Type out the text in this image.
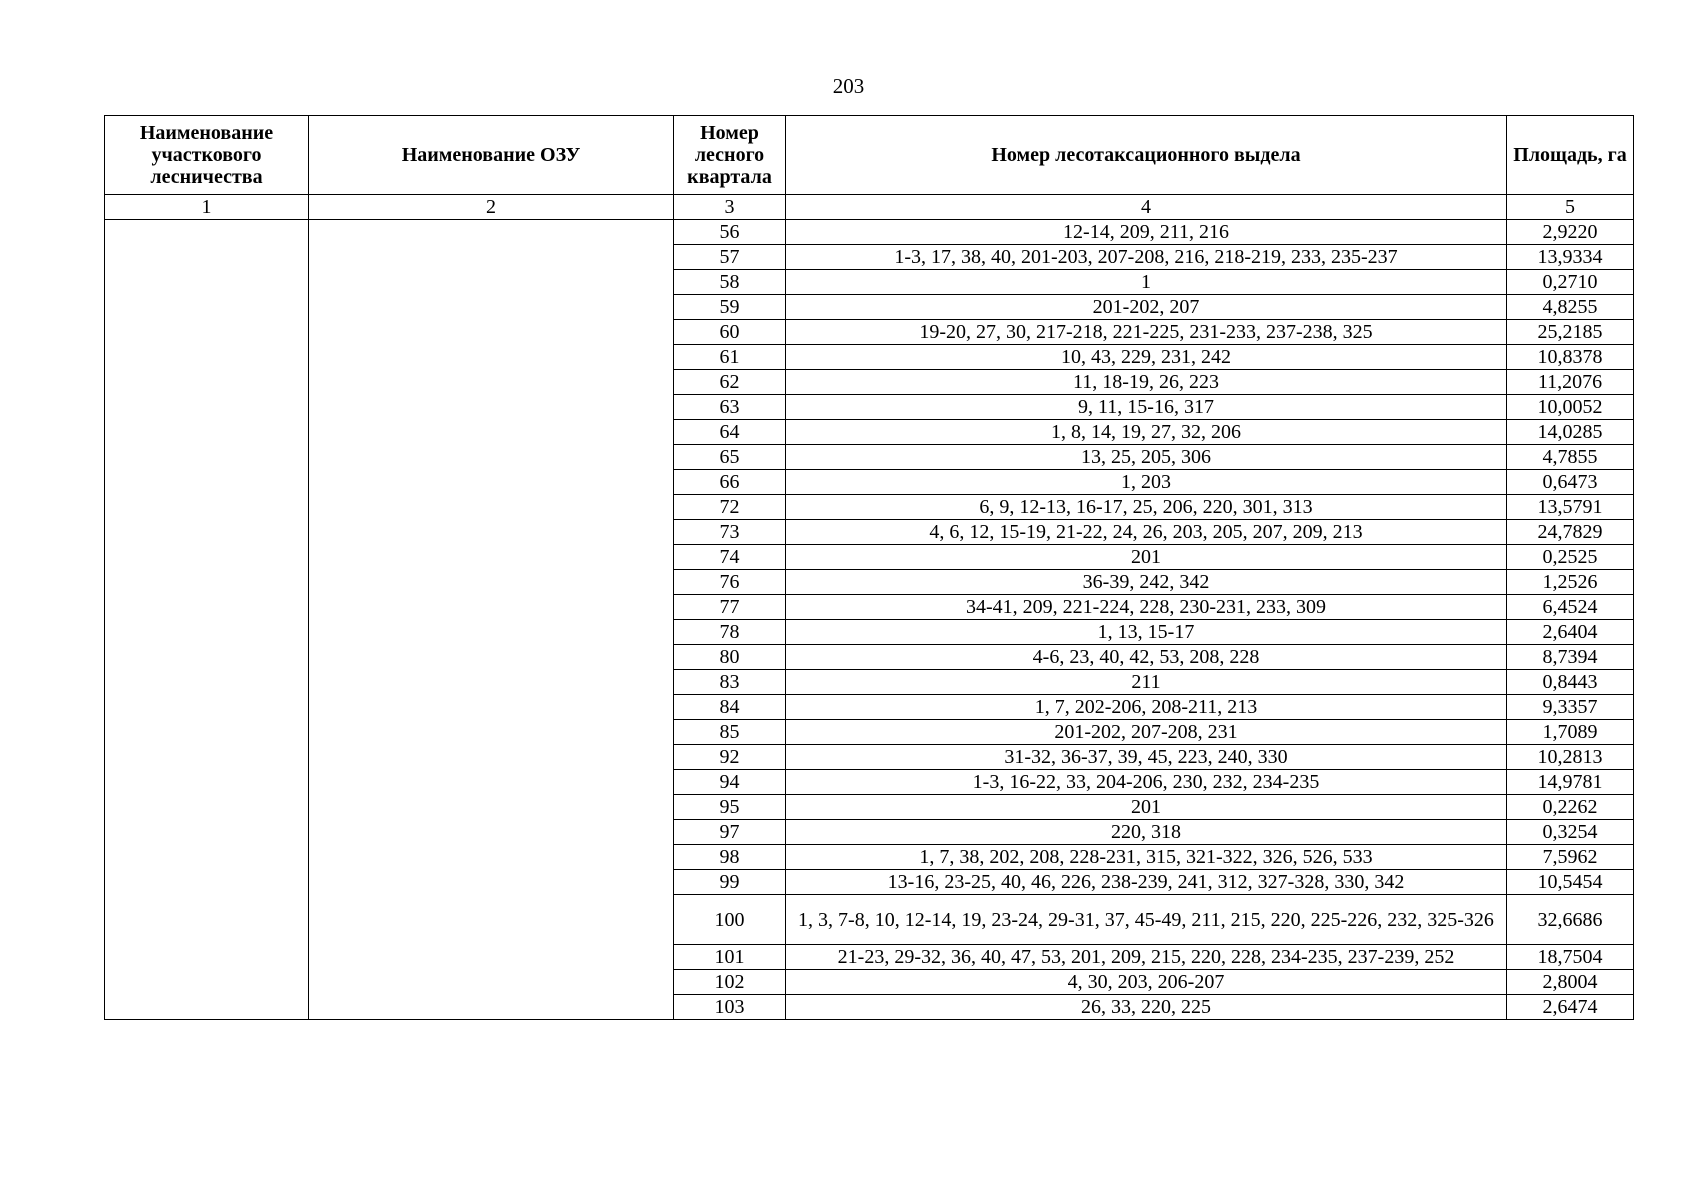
203
Наименование участкового лесничества	Наименование ОЗУ	Номер лесного квартала	Номер лесотаксационного выдела	Площадь, га
1	2	3	4	5
		56	12-14, 209, 211, 216	2,9220
		57	1-3, 17, 38, 40, 201-203, 207-208, 216, 218-219, 233, 235-237	13,9334
		58	1	0,2710
		59	201-202, 207	4,8255
		60	19-20, 27, 30, 217-218, 221-225, 231-233, 237-238, 325	25,2185
		61	10, 43, 229, 231, 242	10,8378
		62	11, 18-19, 26, 223	11,2076
		63	9, 11, 15-16, 317	10,0052
		64	1, 8, 14, 19, 27, 32, 206	14,0285
		65	13, 25, 205, 306	4,7855
		66	1, 203	0,6473
		72	6, 9, 12-13, 16-17, 25, 206, 220, 301, 313	13,5791
		73	4, 6, 12, 15-19, 21-22, 24, 26, 203, 205, 207, 209, 213	24,7829
		74	201	0,2525
		76	36-39, 242, 342	1,2526
		77	34-41, 209, 221-224, 228, 230-231, 233, 309	6,4524
		78	1, 13, 15-17	2,6404
		80	4-6, 23, 40, 42, 53, 208, 228	8,7394
		83	211	0,8443
		84	1, 7, 202-206, 208-211, 213	9,3357
		85	201-202, 207-208, 231	1,7089
		92	31-32, 36-37, 39, 45, 223, 240, 330	10,2813
		94	1-3, 16-22, 33, 204-206, 230, 232, 234-235	14,9781
		95	201	0,2262
		97	220, 318	0,3254
		98	1, 7, 38, 202, 208, 228-231, 315, 321-322, 326, 526, 533	7,5962
		99	13-16, 23-25, 40, 46, 226, 238-239, 241, 312, 327-328, 330, 342	10,5454
		100	1, 3, 7-8, 10, 12-14, 19, 23-24, 29-31, 37, 45-49, 211, 215, 220, 225-226, 232, 325-326	32,6686
		101	21-23, 29-32, 36, 40, 47, 53, 201, 209, 215, 220, 228, 234-235, 237-239, 252	18,7504
		102	4, 30, 203, 206-207	2,8004
		103	26, 33, 220, 225	2,6474
